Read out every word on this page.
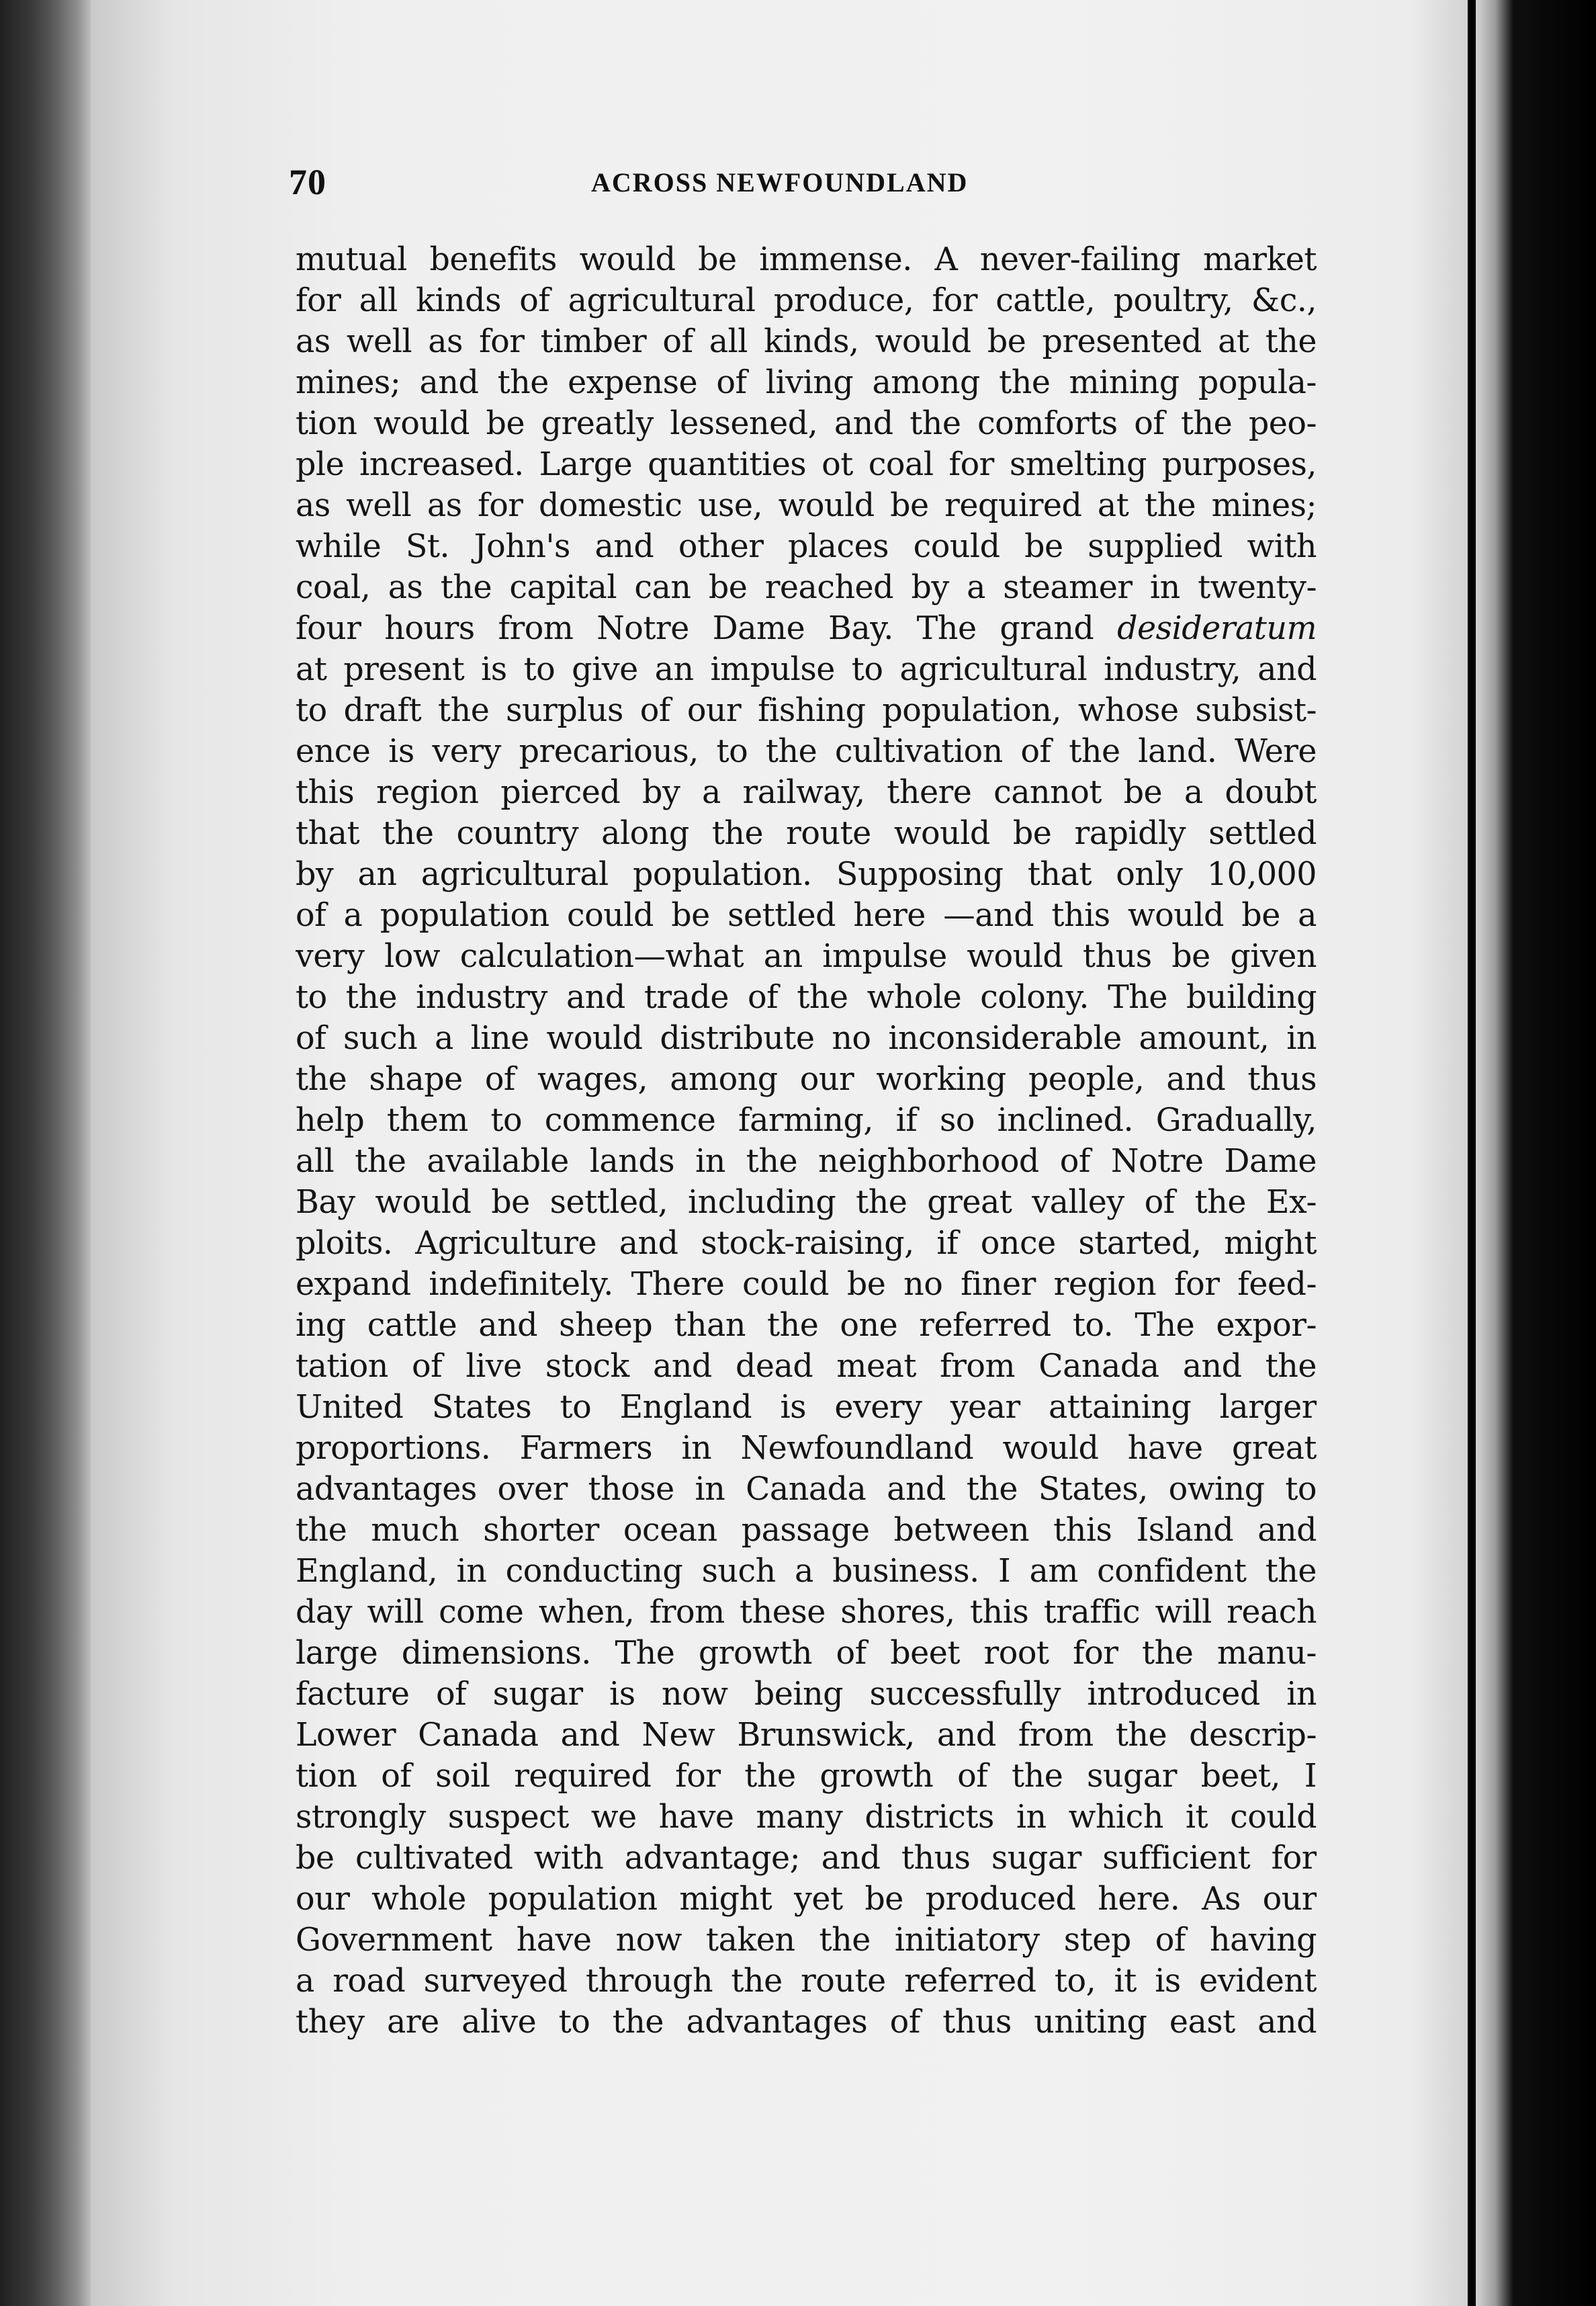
70	ACROSS NEWFOUNDLAND
mutual benefits would be immense. A never-failing market
for all kinds of agricultural produce, for cattle, poultry, &c.,
as well as for timber of all kinds, would be presented at the
mines; and the expense of living among the mining popula-
tion would be greatly lessened, and the comforts of the peo-
ple increased. Large quantities ot coal for smelting purposes,
as well as for domestic use, would be required at the mines;
while St. John's and other places could be supplied with
coal, as the capital can be reached by a steamer in twenty-
four hours from Notre Dame Bay. The grand desideratum
at present is to give an impulse to agricultural industry, and
to draft the surplus of our fishing population, whose subsist-
ence is very precarious, to the cultivation of the land. Were
this region pierced by a railway, there cannot be a doubt
that the country along the route would be rapidly settled
by an agricultural population. Supposing that only 10,000
of a population could be settled here —and this would be a
very low calculation—what an impulse would thus be given
to the industry and trade of the whole colony. The building
of such a line would distribute no inconsiderable amount, in
the shape of wages, among our working people, and thus
help them to commence farming, if so inclined. Gradually,
all the available lands in the neighborhood of Notre Dame
Bay would be settled, including the great valley of the Ex-
ploits. Agriculture and stock-raising, if once started, might
expand indefinitely. There could be no finer region for feed-
ing cattle and sheep than the one referred to. The expor-
tation of live stock and dead meat from Canada and the
United States to England is every year attaining larger
proportions. Farmers in Newfoundland would have great
advantages over those in Canada and the States, owing to
the much shorter ocean passage between this Island and
England, in conducting such a business. I am confident the
day will come when, from these shores, this traffic will reach
large dimensions. The growth of beet root for the manu-
facture of sugar is now being successfully introduced in
Lower Canada and New Brunswick, and from the descrip-
tion of soil required for the growth of the sugar beet, I
strongly suspect we have many districts in which it could
be cultivated with advantage; and thus sugar sufficient for
our whole population might yet be produced here. As our
Government have now taken the initiatory step of having
a road surveyed through the route referred to, it is evident
they are alive to the advantages of thus uniting east and
